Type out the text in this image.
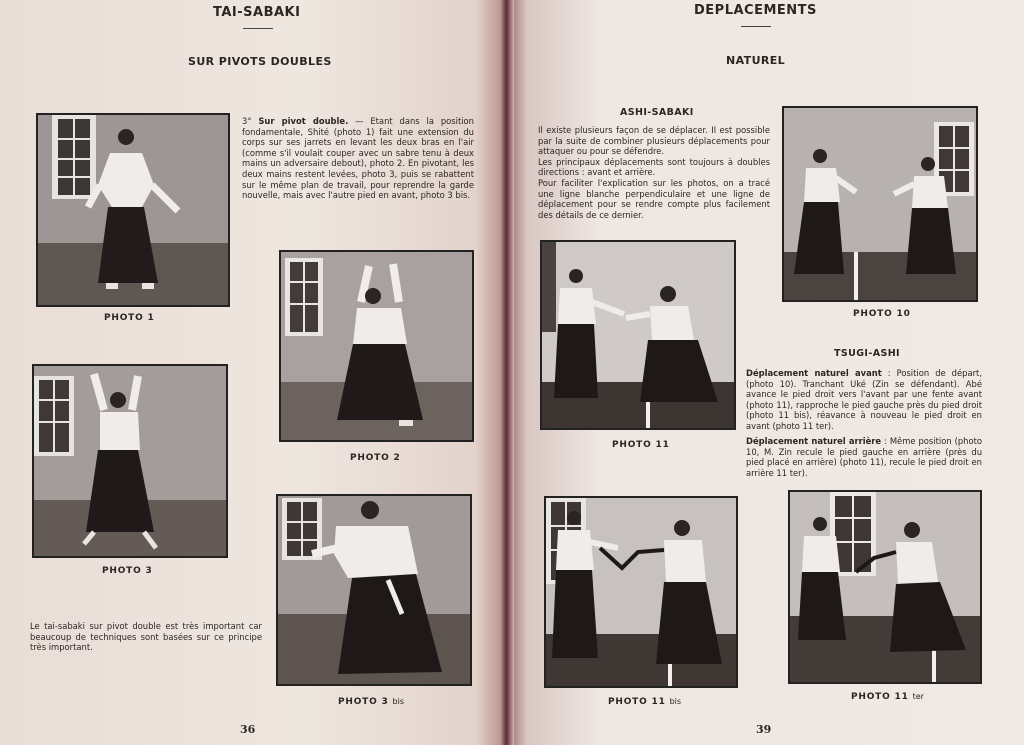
TAI-SABAKI
SUR PIVOTS DOUBLES
3° Sur pivot double. — Etant dans la position fondamentale, Shité (photo 1) fait une extension du corps sur ses jarrets en levant les deux bras en l'air (comme s'il voulait couper avec un sabre tenu à deux mains un adversaire debout), photo 2. En pivotant, les deux mains restent levées, photo 3, puis se rabattent sur le même plan de travail, pour reprendre la garde nouvelle, mais avec l'autre pied en avant, photo 3 bis.
PHOTO 1
PHOTO 2
PHOTO 3
PHOTO 3 bis
Le tai-sabaki sur pivot double est très important car beaucoup de techniques sont basées sur ce principe très important.
36
DEPLACEMENTS
NATUREL
ASHI-SABAKI
Il existe plusieurs façon de se déplacer. Il est possible par la suite de combiner plusieurs déplacements pour attaquer ou pour se défendre.
Les principaux déplacements sont toujours à doubles directions : avant et arrière.
Pour faciliter l'explication sur les photos, on a tracé une ligne blanche perpendiculaire et une ligne de déplacement pour se rendre compte plus facilement des détails de ce dernier.
PHOTO 10
PHOTO 11
TSUGI-ASHI
Déplacement naturel avant : Position de départ, (photo 10). Tranchant Uké (Zin se défendant). Abé avance le pied droit vers l'avant par une fente avant (photo 11), rapproche le pied gauche près du pied droit (photo 11 bis), réavance à nouveau le pied droit en avant (photo 11 ter).
Déplacement naturel arrière : Même position (photo 10, M. Zin recule le pied gauche en arrière (près du pied placé en arrière) (photo 11), recule le pied droit en arrière 11 ter).
PHOTO 11 bis	PHOTO 11 ter
39
